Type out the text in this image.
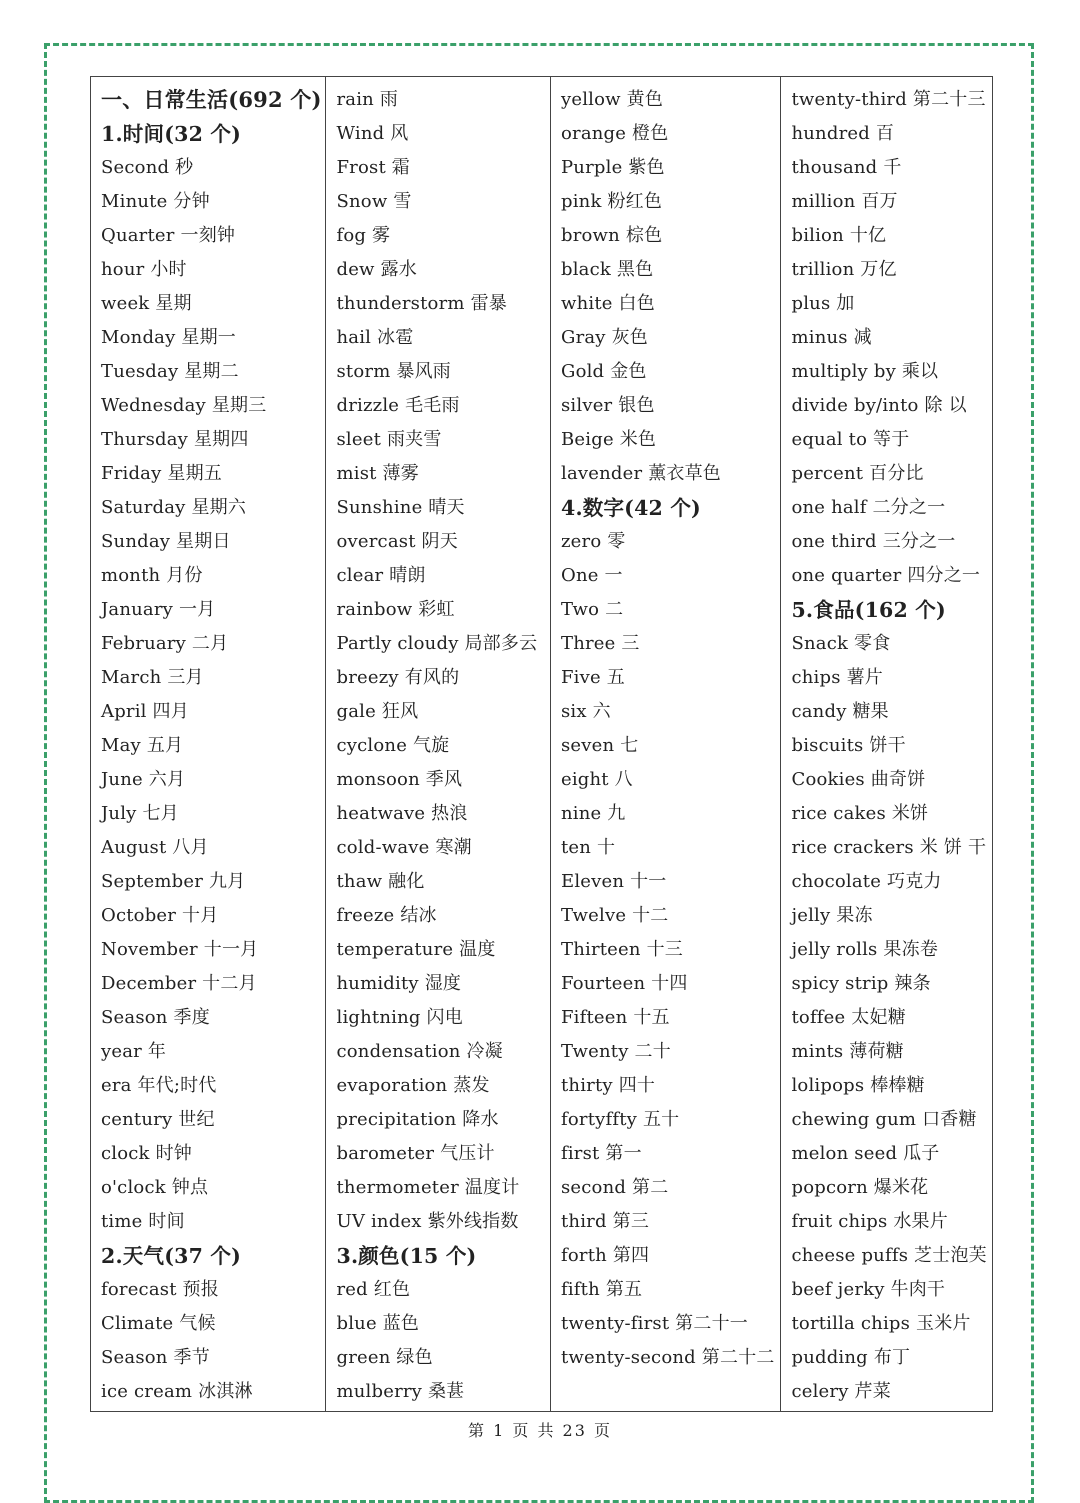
一、日常生活(692 个)
1.时间(32 个)
Second 秒
Minute 分钟
Quarter 一刻钟
hour 小时
week 星期
Monday 星期一
Tuesday 星期二
Wednesday 星期三
Thursday 星期四
Friday 星期五
Saturday 星期六
Sunday 星期日
month 月份
January 一月
February 二月
March 三月
April 四月
May 五月
June 六月
July 七月
August 八月
September 九月
October 十月
November 十一月
December 十二月
Season 季度
year 年
era 年代;时代
century 世纪
clock 时钟
o'clock 钟点
time 时间
2.天气(37 个)
forecast 预报
Climate 气候
Season 季节
ice cream 冰淇淋
rain 雨
Wind 风
Frost 霜
Snow 雪
fog 雾
dew 露水
thunderstorm 雷暴
hail 冰雹
storm 暴风雨
drizzle 毛毛雨
sleet 雨夹雪
mist 薄雾
Sunshine 晴天
overcast 阴天
clear 晴朗
rainbow 彩虹
Partly cloudy 局部多云
breezy 有风的
gale 狂风
cyclone 气旋
monsoon 季风
heatwave 热浪
cold-wave 寒潮
thaw 融化
freeze 结冰
temperature 温度
humidity 湿度
lightning 闪电
condensation 冷凝
evaporation 蒸发
precipitation 降水
barometer 气压计
thermometer 温度计
UV index 紫外线指数
3.颜色(15 个)
red 红色
blue 蓝色
green 绿色
mulberry 桑葚
yellow 黄色
orange 橙色
Purple 紫色
pink 粉红色
brown 棕色
black 黑色
white 白色
Gray 灰色
Gold 金色
silver 银色
Beige 米色
lavender 薰衣草色
4.数字(42 个)
zero 零
One 一
Two 二
Three 三
Five 五
six 六
seven 七
eight 八
nine 九
ten 十
Eleven 十一
Twelve 十二
Thirteen 十三
Fourteen 十四
Fifteen 十五
Twenty 二十
thirty 四十
fortyffty 五十
first 第一
second 第二
third 第三
forth 第四
fifth 第五
twenty-first 第二十一
twenty-second 第二十二
twenty-third 第二十三
hundred 百
thousand 千
million 百万
bilion 十亿
trillion 万亿
plus 加
minus 减
multiply by 乘以
divide by/into 除 以
equal to 等于
percent 百分比
one half 二分之一
one third 三分之一
one quarter 四分之一
5.食品(162 个)
Snack 零食
chips 薯片
candy 糖果
biscuits 饼干
Cookies 曲奇饼
rice cakes 米饼
rice crackers 米 饼 干
chocolate 巧克力
jelly 果冻
jelly rolls 果冻卷
spicy strip 辣条
toffee 太妃糖
mints 薄荷糖
lolipops 棒棒糖
chewing gum 口香糖
melon seed 瓜子
popcorn 爆米花
fruit chips 水果片
cheese puffs 芝士泡芙
beef jerky 牛肉干
tortilla chips 玉米片
pudding 布丁
celery 芹菜
第 1 页 共 23 页
